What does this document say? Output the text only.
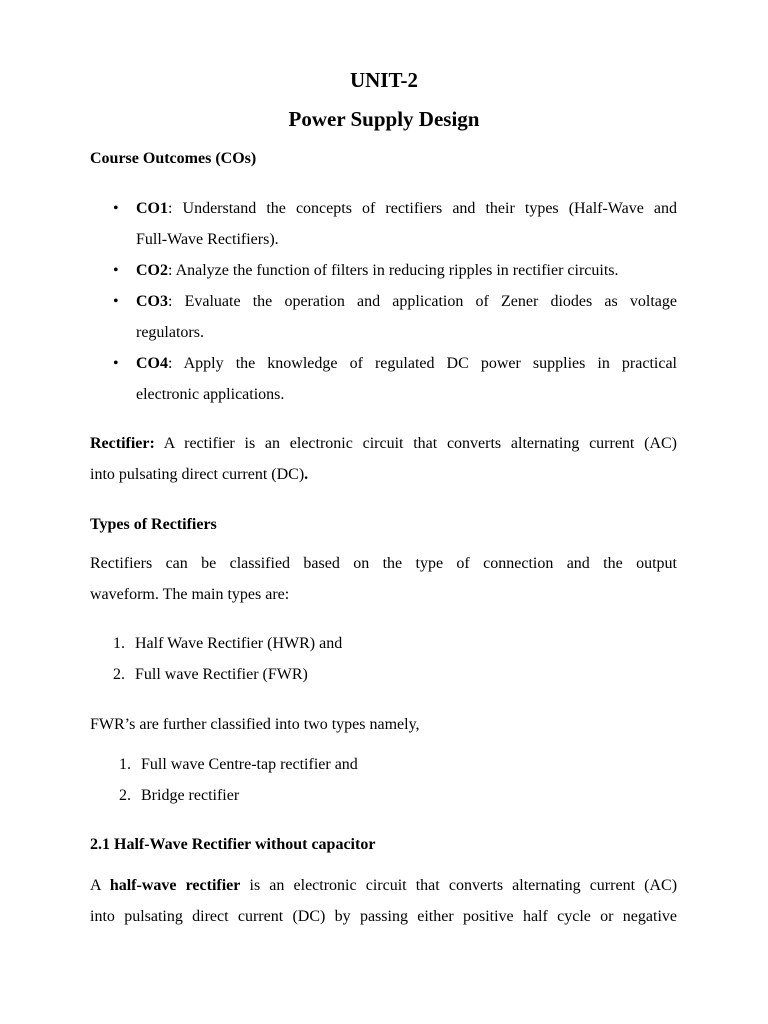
UNIT-2
Power Supply Design
Course Outcomes (COs)
• CO1: Understand the concepts of rectifiers and their types (Half-Wave and
Full-Wave Rectifiers).
• CO2: Analyze the function of filters in reducing ripples in rectifier circuits.
• CO3: Evaluate the operation and application of Zener diodes as voltage
regulators.
• CO4: Apply the knowledge of regulated DC power supplies in practical
electronic applications.
Rectifier: A rectifier is an electronic circuit that converts alternating current (AC)
into pulsating direct current (DC).
Types of Rectifiers
Rectifiers can be classified based on the type of connection and the output
waveform. The main types are:
1. Half Wave Rectifier (HWR) and
2. Full wave Rectifier (FWR)
FWR’s are further classified into two types namely,
1. Full wave Centre-tap rectifier and
2. Bridge rectifier
2.1 Half-Wave Rectifier without capacitor
A half-wave rectifier is an electronic circuit that converts alternating current (AC)
into pulsating direct current (DC) by passing either positive half cycle or negative
